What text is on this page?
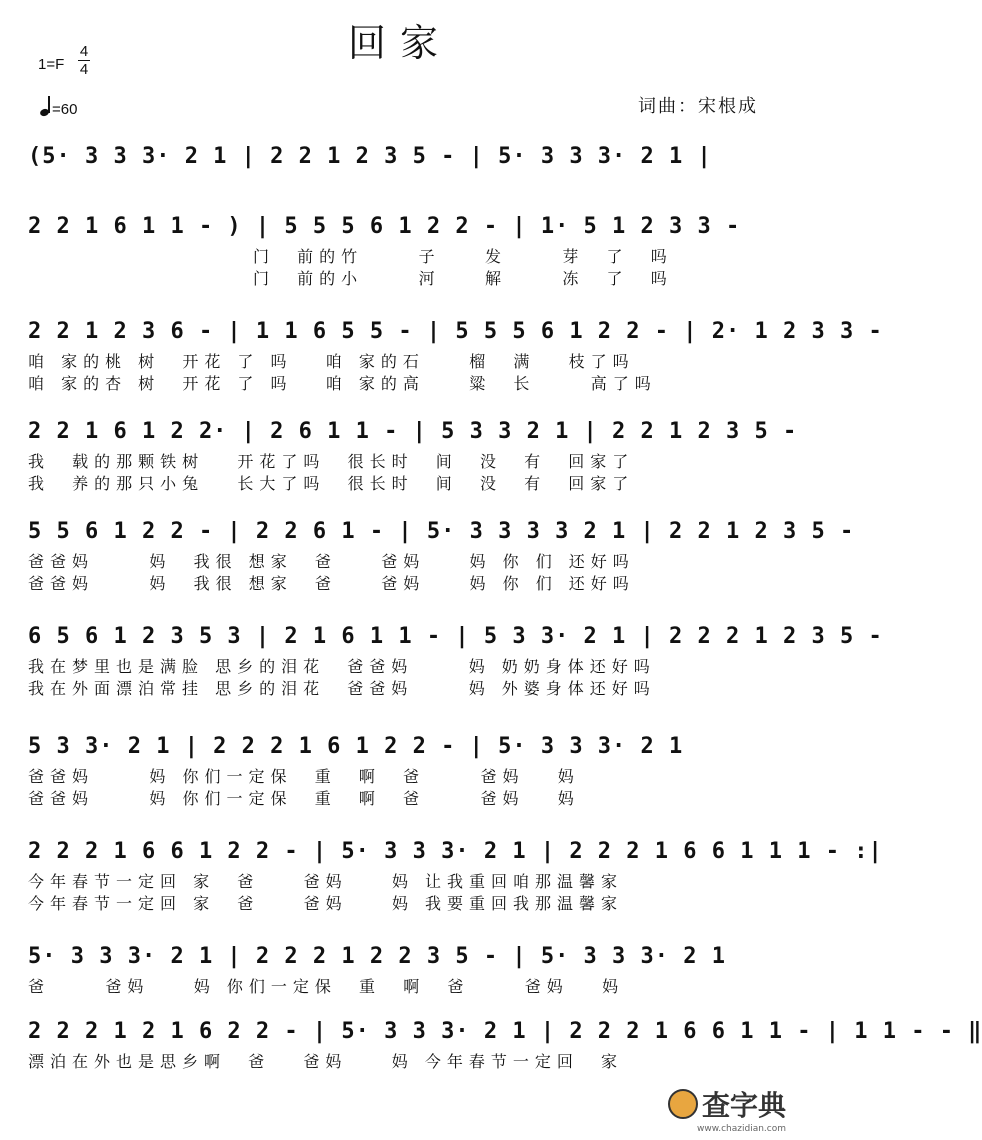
回家
1=F
4
4
=60	词曲：宋根成
(5· 3 3 3· 2 1 | 2 2 1 2 3 5 - | 5· 3 3 3· 2 1 |
2 2 1 6 1 1 - ) | 5 5 5 6 1 2 2 - | 1· 5 1 2 3 3 -
门  前的竹     子    发     芽  了  吗
门  前的小     河    解     冻  了  吗
2 2 1 2 3 6 - | 1 1 6 5 5 - | 5 5 5 6 1 2 2 - | 2· 1 2 3 3 -
咱 家的桃 树  开花 了 吗   咱 家的石    榴  满   枝了吗
咱 家的杏 树  开花 了 吗   咱 家的高    粱  长     高了吗
2 2 1 6 1 2 2· | 2 6 1 1 - | 5 3 3 2 1 | 2 2 1 2 3 5 -
我  载的那颗铁树   开花了吗  很长时  间  没  有  回家了
我  养的那只小兔   长大了吗  很长时  间  没  有  回家了
5 5 6 1 2 2 - | 2 2 6 1 - | 5· 3 3 3 3 2 1 | 2 2 1 2 3 5 -
爸爸妈     妈  我很 想家  爸    爸妈    妈 你 们 还好吗
爸爸妈     妈  我很 想家  爸    爸妈    妈 你 们 还好吗
6 5 6 1 2 3 5 3 | 2 1 6 1 1 - | 5 3 3· 2 1 | 2 2 2 1 2 3 5 -
我在梦里也是满脸 思乡的泪花  爸爸妈     妈 奶奶身体还好吗
我在外面漂泊常挂 思乡的泪花  爸爸妈     妈 外婆身体还好吗
5 3 3· 2 1 | 2 2 2 1 6 1 2 2 - | 5· 3 3 3· 2 1
爸爸妈     妈 你们一定保  重  啊  爸     爸妈   妈
爸爸妈     妈 你们一定保  重  啊  爸     爸妈   妈
2 2 2 1 6 6 1 2 2 - | 5· 3 3 3· 2 1 | 2 2 2 1 6 6 1 1 1 - :|
今年春节一定回 家  爸    爸妈    妈 让我重回咱那温馨家
今年春节一定回 家  爸    爸妈    妈 我要重回我那温馨家
5· 3 3 3· 2 1 | 2 2 2 1 2 2 3 5 - | 5· 3 3 3· 2 1
爸     爸妈    妈 你们一定保  重  啊  爸     爸妈   妈
2 2 2 1 2 1 6 2 2 - | 5· 3 3 3· 2 1 | 2 2 2 1 6 6 1 1 - | 1 1 - - ‖
漂泊在外也是思乡啊  爸   爸妈    妈 今年春节一定回  家
查字典
www.chazidian.com
